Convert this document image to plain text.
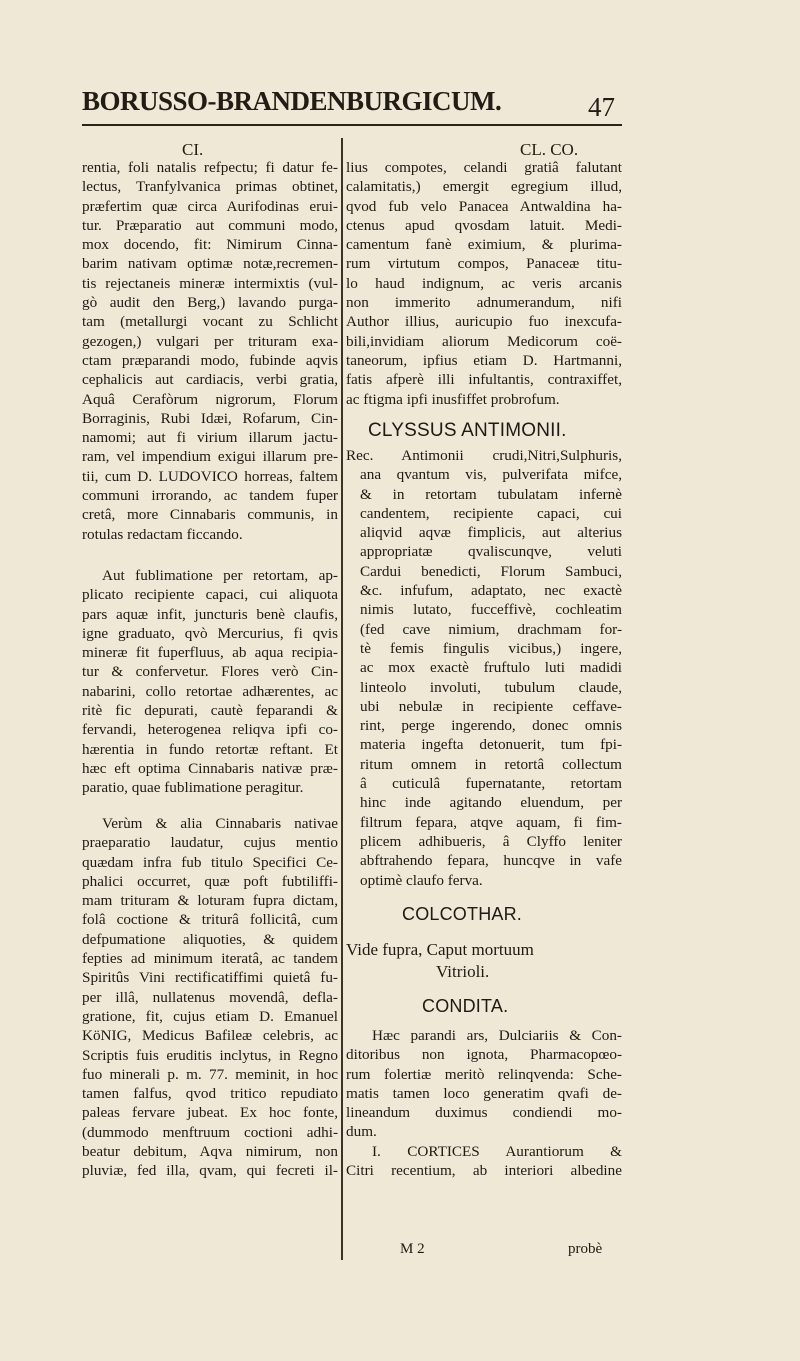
BORUSSO-BRANDENBURGICUM.	47
CI.	CL. CO.
rentia, foli natalis refpectu; fi datur fe-
lectus, Tranfylvanica primas obtinet,
præfertim quæ circa Aurifodinas erui-
tur. Præparatio aut communi modo,
mox docendo, fit: Nimirum Cinna-
barim nativam optimæ notæ,recremen-
tis rejectaneis mineræ intermixtis (vul-
gò audit den Berg,) lavando purga-
tam (metallurgi vocant zu Schlicht
gezogen,) vulgari per trituram exa-
ctam præparandi modo, fubinde aqvis
cephalicis aut cardiacis, verbi gratia,
Aquâ Cerafòrum nigrorum, Florum
Borraginis, Rubi Idæi, Rofarum, Cin-
namomi; aut fi virium illarum jactu-
ram, vel impendium exigui illarum pre-
tii, cum D. LUDOVICO horreas, faltem
communi irrorando, ac tandem fuper
cretâ, more Cinnabaris communis, in
rotulas redactam ficcando.
Aut fublimatione per retortam, ap-
plicato recipiente capaci, cui aliquota
pars aquæ infit, juncturis benè claufis,
igne graduato, qvò Mercurius, fi qvis
mineræ fit fuperfluus, ab aqua recipia-
tur & confervetur. Flores verò Cin-
nabarini, collo retortae adhærentes, ac
ritè fic depurati, cautè feparandi &
fervandi, heterogenea reliqva ipfi co-
hærentia in fundo retortæ reftant. Et
hæc eft optima Cinnabaris nativæ præ-
paratio, quae fublimatione peragitur.
Verùm & alia Cinnabaris nativae
praeparatio laudatur, cujus mentio
quædam infra fub titulo Specifici Ce-
phalici occurret, quæ poft fubtiliffi-
mam trituram & loturam fupra dictam,
folâ coctione & triturâ follicitâ, cum
defpumatione aliquoties, & quidem
fepties ad minimum iteratâ, ac tandem
Spiritûs Vini rectificatiffimi quietâ fu-
per illâ, nullatenus movendâ, defla-
gratione, fit, cujus etiam D. Emanuel
KöNIG, Medicus Bafileæ celebris, ac
Scriptis fuis eruditis inclytus, in Regno
fuo minerali p. m. 77. meminit, in hoc
tamen falfus, qvod tritico repudiato
paleas fervare jubeat. Ex hoc fonte,
(dummodo menftruum coctioni adhi-
beatur debitum, Aqva nimirum, non
pluviæ, fed illa, qvam, qui fecreti il-
lius compotes, celandi gratiâ falutant
calamitatis,) emergit egregium illud,
qvod fub velo Panacea Antwaldina ha-
ctenus apud qvosdam latuit. Medi-
camentum fanè eximium, & plurima-
rum virtutum compos, Panaceæ titu-
lo haud indignum, ac veris arcanis
non immerito adnumerandum, nifi
Author illius, auricupio fuo inexcufa-
bili,invidiam aliorum Medicorum coë-
taneorum, ipfius etiam D. Hartmanni,
fatis afperè illi infultantis, contraxiffet,
ac ftigma ipfi inusfiffet probrofum.
CLYSSUS ANTIMONII.
Rec. Antimonii crudi,Nitri,Sulphuris,
ana qvantum vis, pulverifata mifce,
& in retortam tubulatam infernè
candentem, recipiente capaci, cui
aliqvid aqvæ fimplicis, aut alterius
appropriatæ qvaliscunqve, veluti
Cardui benedicti, Florum Sambuci,
&c. infufum, adaptato, nec exactè
nimis lutato, fucceffivè, cochleatim
(fed cave nimium, drachmam for-
tè femis fingulis vicibus,) ingere,
ac mox exactè fruftulo luti madidi
linteolo involuti, tubulum claude,
ubi nebulæ in recipiente ceffave-
rint, perge ingerendo, donec omnis
materia ingefta detonuerit, tum fpi-
ritum omnem in retortâ collectum
â cuticulâ fupernatante, retortam
hinc inde agitando eluendum, per
filtrum fepara, atqve aquam, fi fim-
plicem adhibueris, â Clyffo leniter
abftrahendo fepara, huncqve in vafe
optimè claufo ferva.
COLCOTHAR.
Vide fupra, Caput mortuum
Vitrioli.
CONDITA.
Hæc parandi ars, Dulciariis & Con-
ditoribus non ignota, Pharmacopœo-
rum folertiæ meritò relinqvenda: Sche-
matis tamen loco generatim qvafi de-
lineandum duximus condiendi mo-
dum.
I. CORTICES Aurantiorum &
Citri recentium, ab interiori albedine
M 2	probè
